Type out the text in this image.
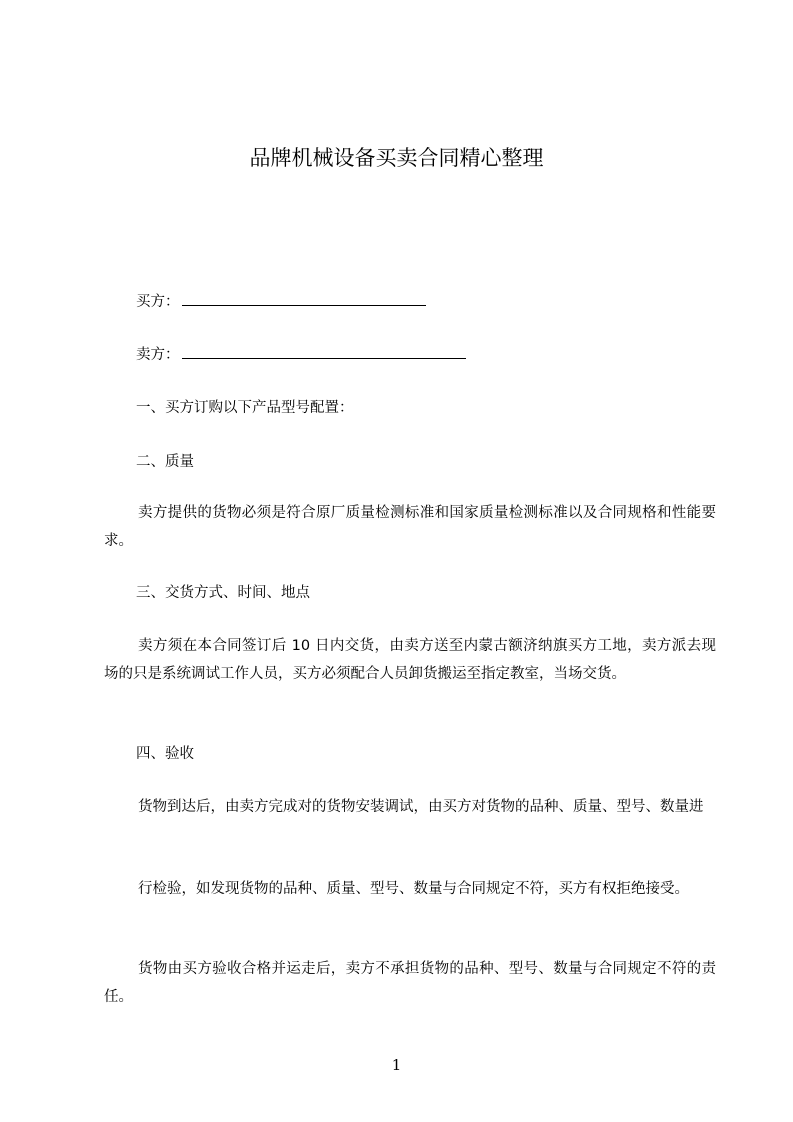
品牌机械设备买卖合同精心整理

买方：

卖方：

一、买方订购以下产品型号配置：

二、质量

卖方提供的货物必须是符合原厂质量检测标准和国家质量检测标准以及合同规格和性能要求。

三、交货方式、时间、地点

卖方须在本合同签订后 10 日内交货，由卖方送至内蒙古额济纳旗买方工地，卖方派去现场的只是系统调试工作人员，买方必须配合人员卸货搬运至指定教室，当场交货。

四、验收

货物到达后，由卖方完成对的货物安装调试，由买方对货物的品种、质量、型号、数量进

行检验，如发现货物的品种、质量、型号、数量与合同规定不符，买方有权拒绝接受。

货物由买方验收合格并运走后，卖方不承担货物的品种、型号、数量与合同规定不符的责任。

1
